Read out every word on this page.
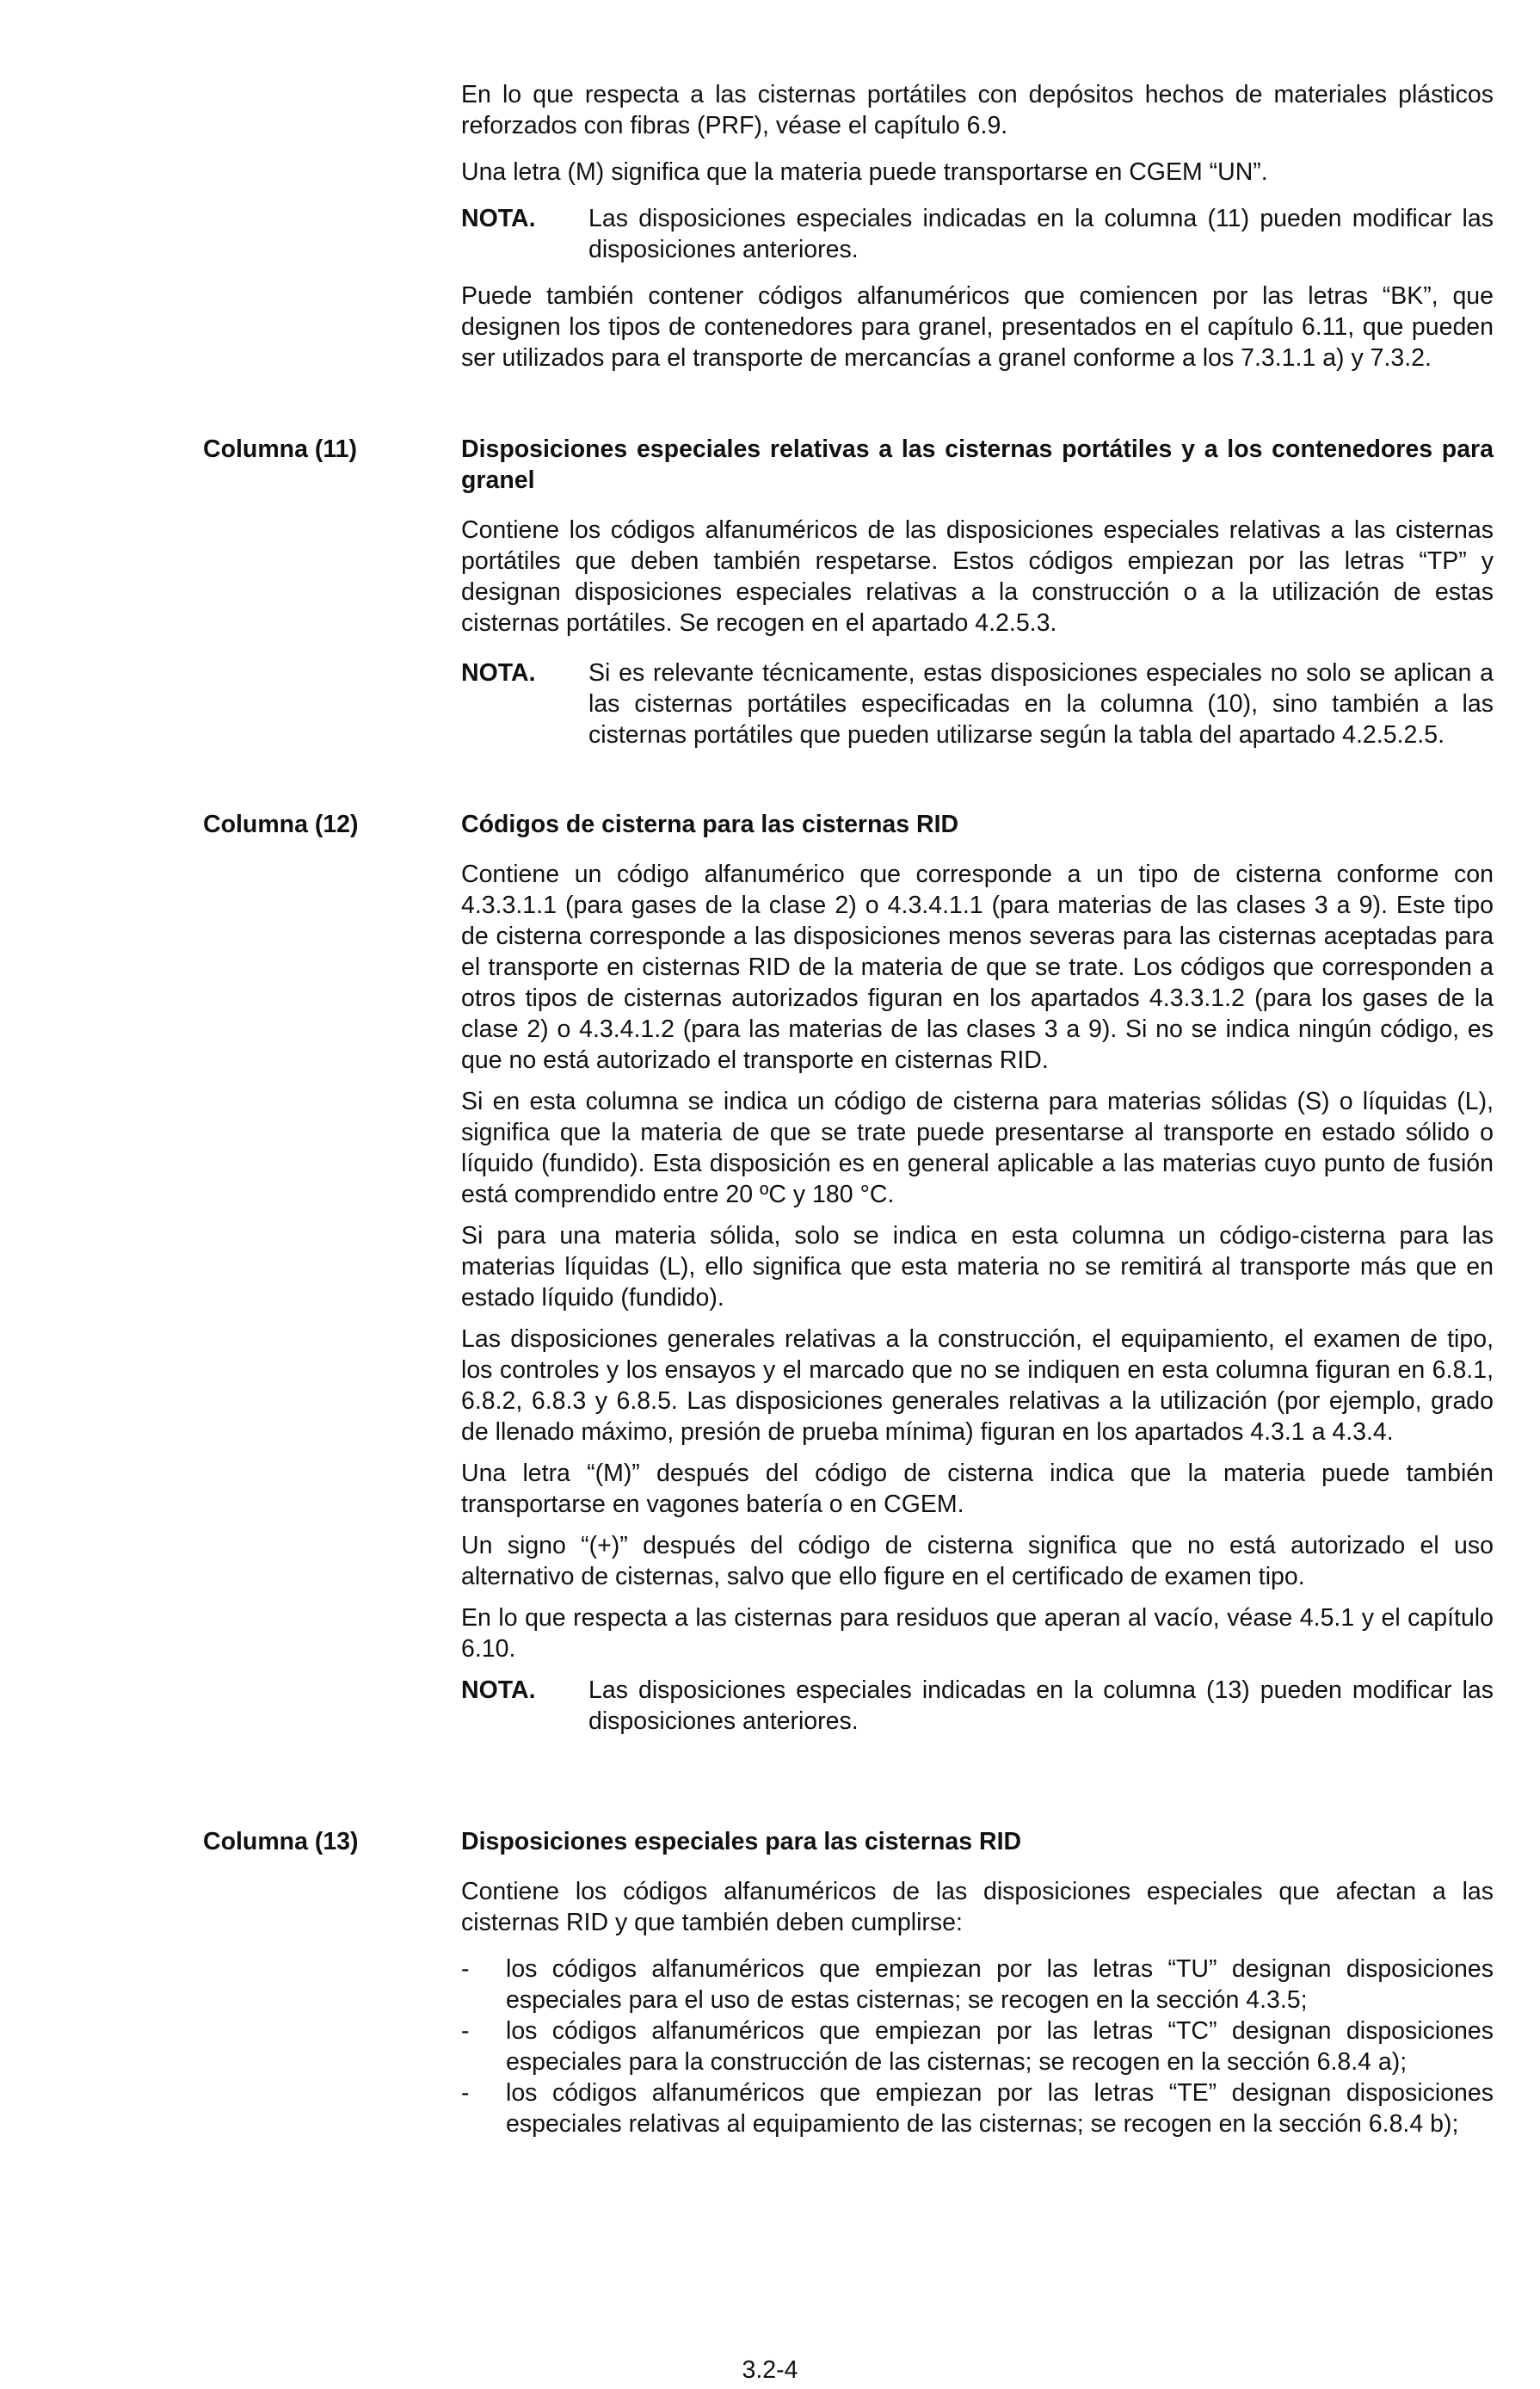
En lo que respecta a las cisternas portátiles con depósitos hechos de materiales plásticos reforzados con fibras (PRF), véase el capítulo 6.9.

Una letra (M) significa que la materia puede transportarse en CGEM “UN”.

NOTA.	Las disposiciones especiales indicadas en la columna (11) pueden modificar las disposiciones anteriores.

Puede también contener códigos alfanuméricos que comiencen por las letras “BK”, que designen los tipos de contenedores para granel, presentados en el capítulo 6.11, que pueden ser utilizados para el transporte de mercancías a granel conforme a los 7.3.1.1 a) y 7.3.2.

Columna (11)	Disposiciones especiales relativas a las cisternas portátiles y a los contenedores para granel

Contiene los códigos alfanuméricos de las disposiciones especiales relativas a las cisternas portátiles que deben también respetarse. Estos códigos empiezan por las letras “TP” y designan disposiciones especiales relativas a la construcción o a la utilización de estas cisternas portátiles. Se recogen en el apartado 4.2.5.3.

NOTA.	Si es relevante técnicamente, estas disposiciones especiales no solo se aplican a las cisternas portátiles especificadas en la columna (10), sino también a las cisternas portátiles que pueden utilizarse según la tabla del apartado 4.2.5.2.5.
Columna (12)	Códigos de cisterna para las cisternas RID

Contiene un código alfanumérico que corresponde a un tipo de cisterna conforme con 4.3.3.1.1 (para gases de la clase 2) o 4.3.4.1.1 (para materias de las clases 3 a 9). Este tipo de cisterna corresponde a las disposiciones menos severas para las cisternas aceptadas para el transporte en cisternas RID de la materia de que se trate. Los códigos que corresponden a otros tipos de cisternas autorizados figuran en los apartados 4.3.3.1.2 (para los gases de la clase 2) o 4.3.4.1.2 (para las materias de las clases 3 a 9). Si no se indica ningún código, es que no está autorizado el transporte en cisternas RID.

Si en esta columna se indica un código de cisterna para materias sólidas (S) o líquidas (L), significa que la materia de que se trate puede presentarse al transporte en estado sólido o líquido (fundido). Esta disposición es en general aplicable a las materias cuyo punto de fusión está comprendido entre 20 ºC y 180 °C.

Si para una materia sólida, solo se indica en esta columna un código-cisterna para las materias líquidas (L), ello significa que esta materia no se remitirá al transporte más que en estado líquido (fundido).

Las disposiciones generales relativas a la construcción, el equipamiento, el examen de tipo, los controles y los ensayos y el marcado que no se indiquen en esta columna figuran en 6.8.1, 6.8.2, 6.8.3 y 6.8.5. Las disposiciones generales relativas a la utilización (por ejemplo, grado de llenado máximo, presión de prueba mínima) figuran en los apartados 4.3.1 a 4.3.4.

Una letra “(M)” después del código de cisterna indica que la materia puede también transportarse en vagones batería o en CGEM.

Un signo “(+)” después del código de cisterna significa que no está autorizado el uso alternativo de cisternas, salvo que ello figure en el certificado de examen tipo.

En lo que respecta a las cisternas para residuos que aperan al vacío, véase 4.5.1 y el capítulo 6.10.

NOTA.	Las disposiciones especiales indicadas en la columna (13) pueden modificar las disposiciones anteriores.
Columna (13)	Disposiciones especiales para las cisternas RID

Contiene los códigos alfanuméricos de las disposiciones especiales que afectan a las cisternas RID y que también deben cumplirse:

-	los códigos alfanuméricos que empiezan por las letras “TU” designan disposiciones especiales para el uso de estas cisternas; se recogen en la sección 4.3.5;
-	los códigos alfanuméricos que empiezan por las letras “TC” designan disposiciones especiales para la construcción de las cisternas; se recogen en la sección 6.8.4 a);
-	los códigos alfanuméricos que empiezan por las letras “TE” designan disposiciones especiales relativas al equipamiento de las cisternas; se recogen en la sección 6.8.4 b);
3.2-4
